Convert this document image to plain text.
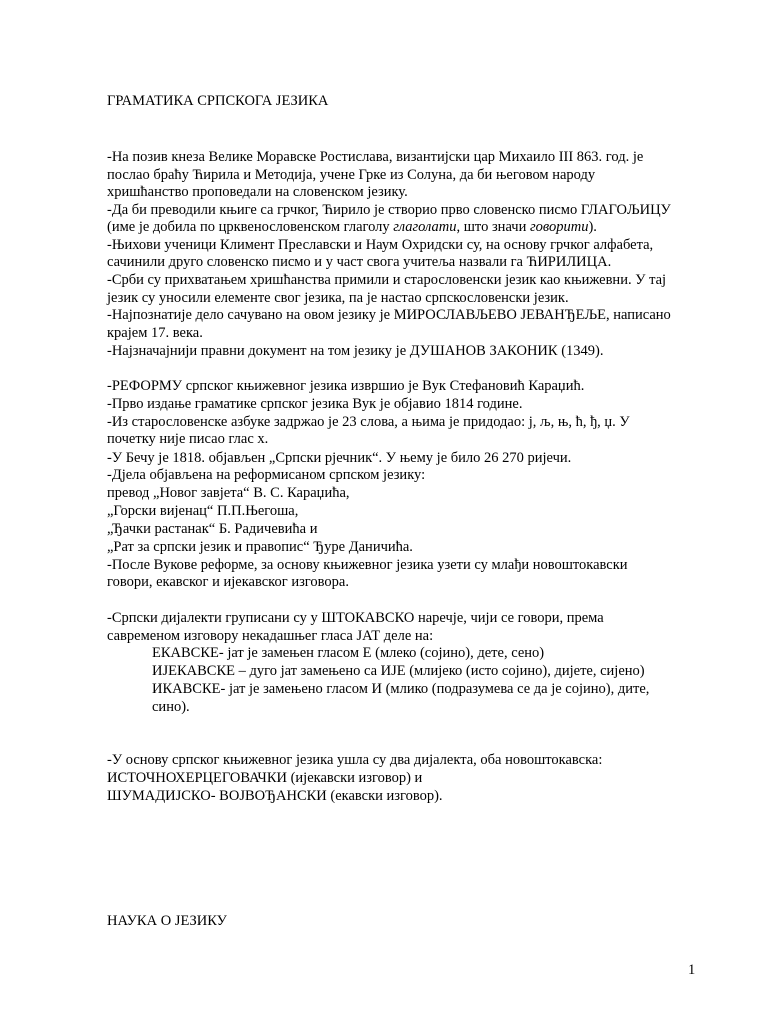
ГРАМАТИКА СРПСКОГА ЈЕЗИКА
-На позив кнеза Велике Моравске Ростислава, византијски цар Михаило III 863. год. је
послао браћу Ћирила и Методија, учене Грке из Солуна, да би његовом народу
хришћанство проповедали на словенском језику.
-Да би преводили књиге са грчког, Ћирило је створио прво словенско писмо ГЛАГОЉИЦУ
(име је добила по црквенословенском глаголу глаголати, што значи говорити).
-Њихови ученици Климент Преславски и Наум Охридски су, на основу грчког алфабета,
сачинили друго словенско писмо и у част свога учитеља назвали га ЋИРИЛИЦА.
-Срби су прихватањем хришћанства примили и старословенски језик као књижевни. У тај
језик су уносили елементе свог језика, па је настао српскословенски језик.
-Најпознатије дело сачувано на овом језику је МИРОСЛАВЉЕВО ЈЕВАНЂЕЉЕ, написано
крајем 17. века.
-Најзначајнији правни документ на том језику је ДУШАНОВ ЗАКОНИК (1349).
-РЕФОРМУ српског књижевног језика извршио је Вук Стефановић Караџић.
-Прво издање граматике српског језика Вук је објавио 1814 године.
-Из старословенске азбуке задржао је 23 слова, а њима је придодао: ј, љ, њ, ћ, ђ, џ. У
почетку није писао глас х.
-У Бечу је 1818. објављен „Српски рјечник“. У њему је било 26 270 ријечи.
-Дјела објављена на реформисаном српском језику:
превод „Новог завјета“ В. С. Караџића,
„Горски вијенац“ П.П.Његоша,
„Ђачки растанак“ Б. Радичевића и
„Рат за српски језик и правопис“ Ђуре Даничића.
-После Вукове реформе, за основу књижевног језика узети су млађи новоштокавски
говори, екавског и ијекавског изговора.
-Српски дијалекти груписани су у ШТОКАВСКО наречје, чији се говори, према
савременом изговору некадашњег гласа ЈАТ деле на:
ЕКАВСКЕ- јат је замењен гласом Е (млеко (сојино), дете, сено)
ИЈЕКАВСКЕ – дуго јат замењено са ИЈЕ (млијеко (исто сојино), дијете, сијено)
ИКАВСКЕ- јат је замењено гласом И (млико (подразумева се да је сојино), дите,
сино).
-У основу српског књижевног језика ушла су два дијалекта, оба новоштокавска:
ИСТОЧНОХЕРЦЕГОВАЧКИ (ијекавски изговор) и
ШУМАДИЈСКО- ВОЈВОЂАНСКИ (екавски изговор).
НАУКА О ЈЕЗИКУ
1
